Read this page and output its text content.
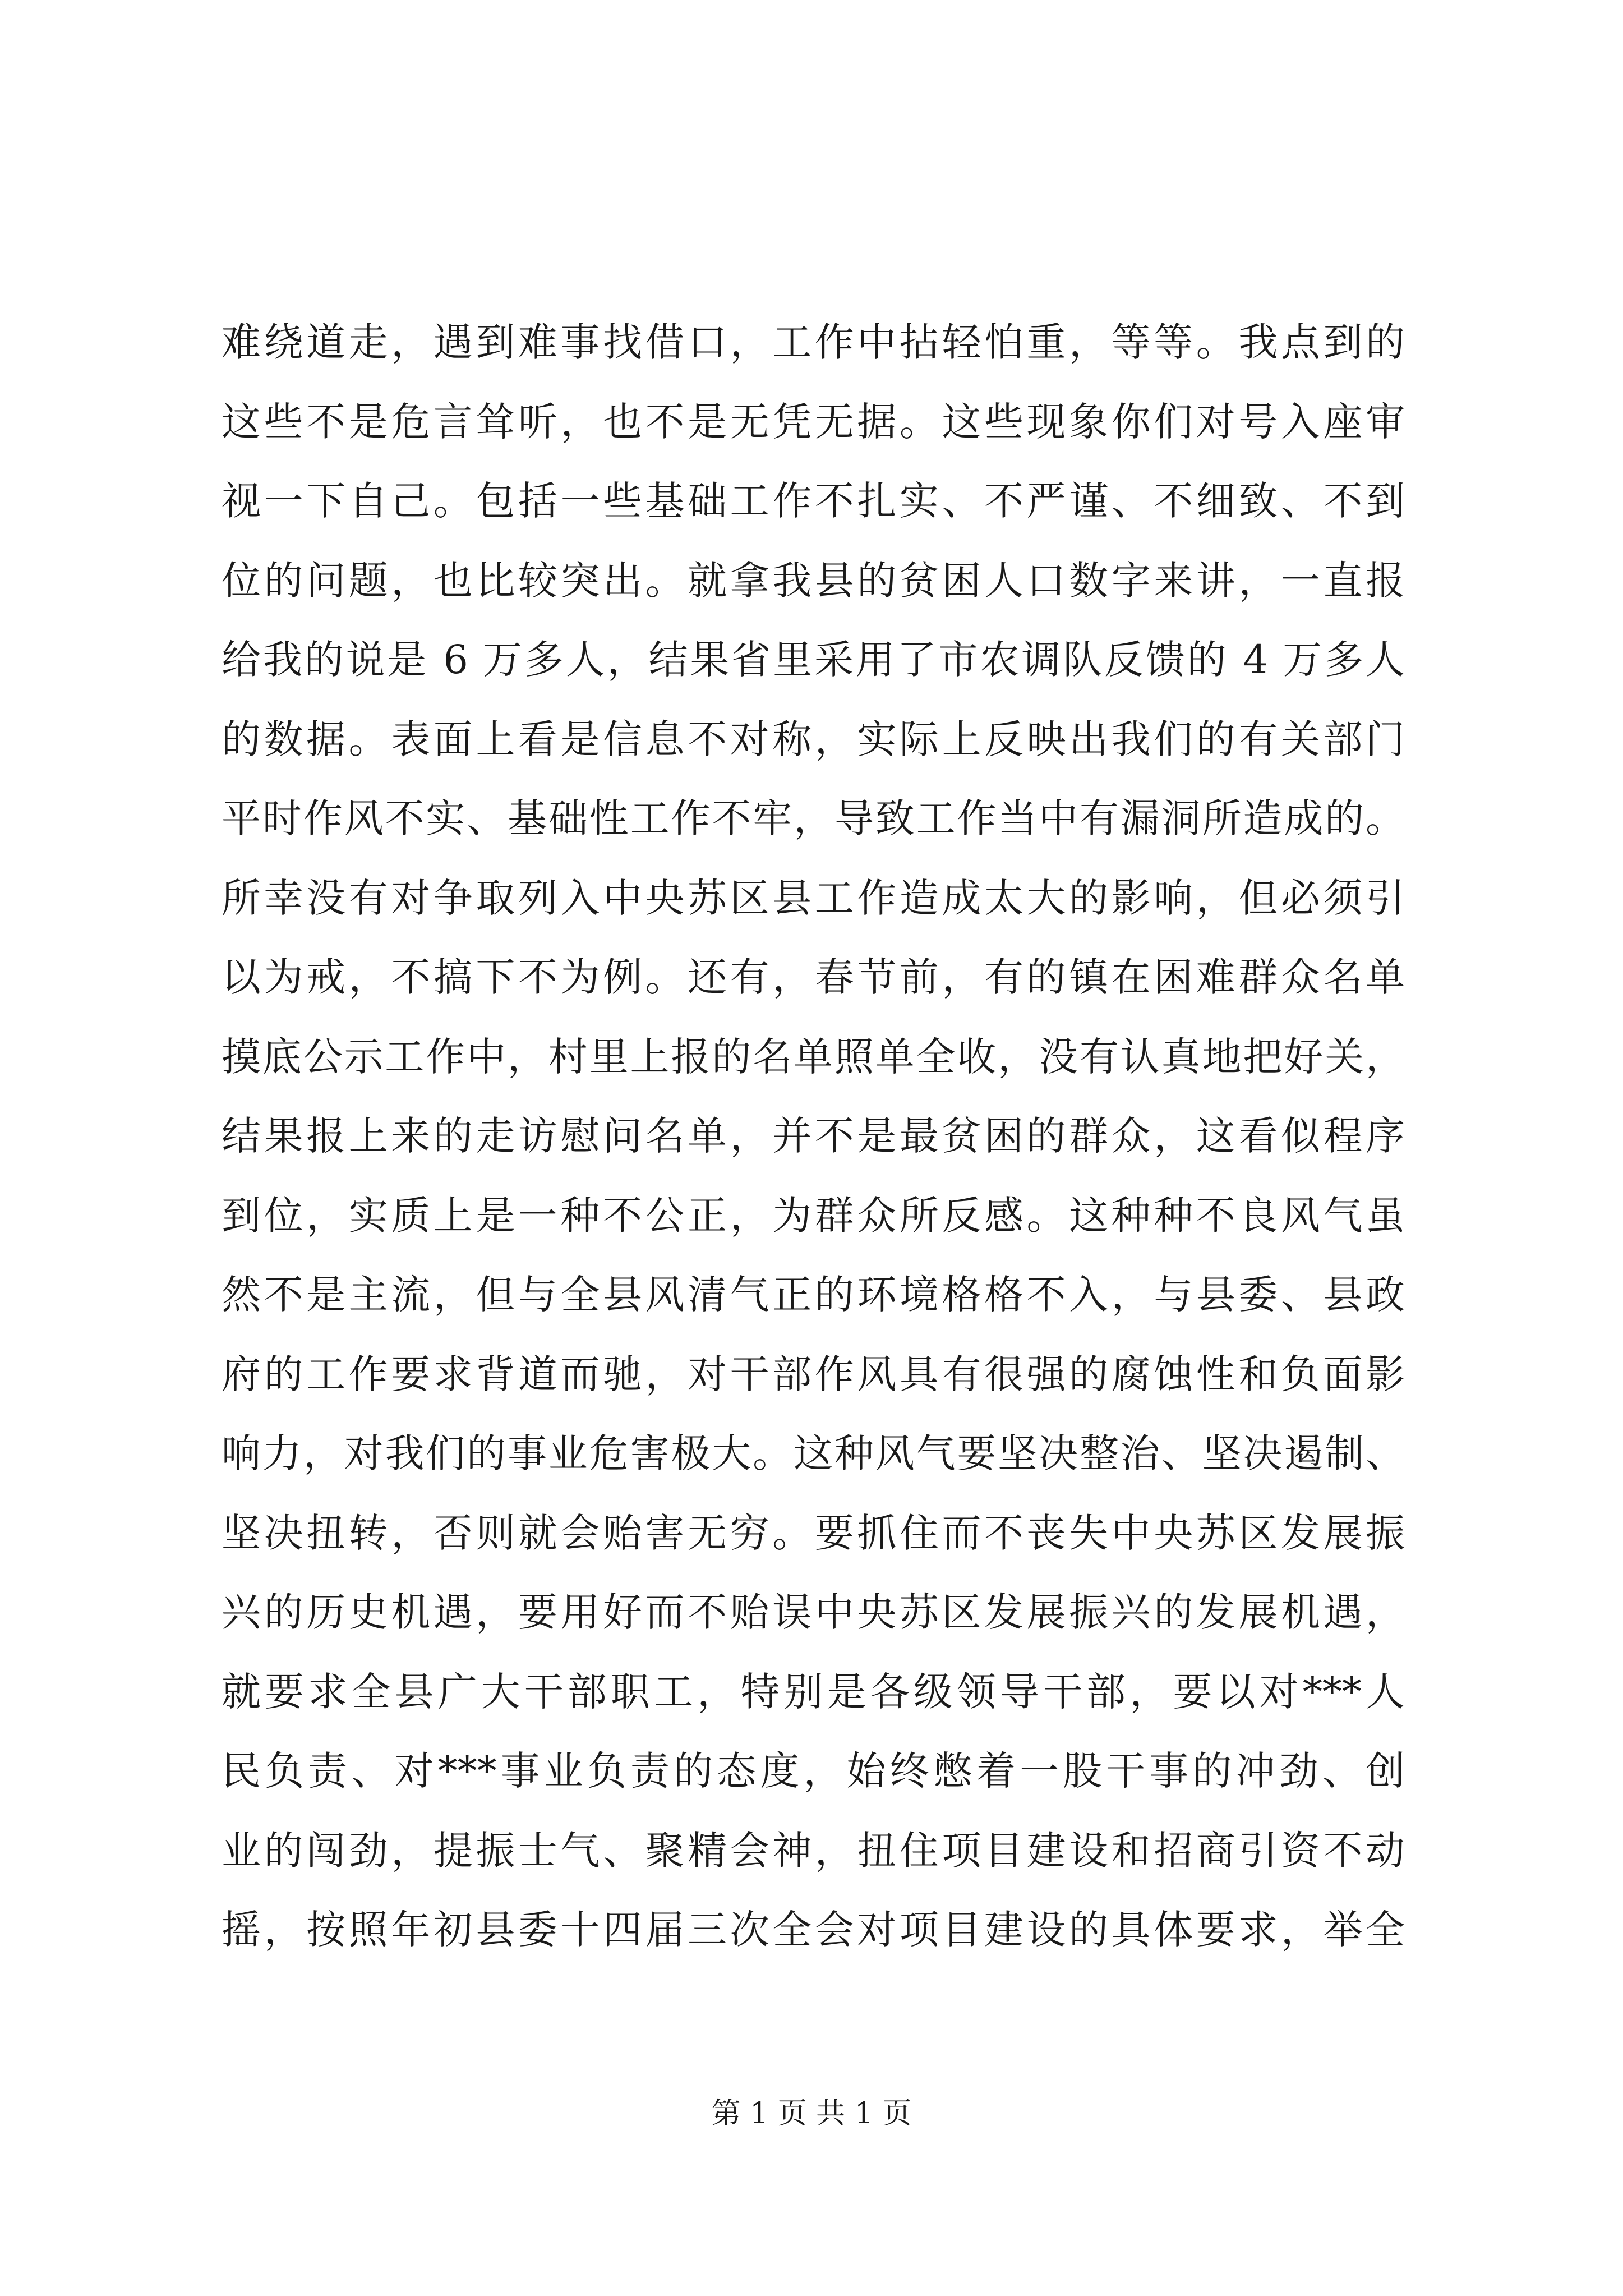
难绕道走，遇到难事找借口，工作中拈轻怕重，等等。我点到的
这些不是危言耸听，也不是无凭无据。这些现象你们对号入座审
视一下自己。包括一些基础工作不扎实、不严谨、不细致、不到
位的问题，也比较突出。就拿我县的贫困人口数字来讲，一直报
给我的说是 6 万多人，结果省里采用了市农调队反馈的 4 万多人
的数据。表面上看是信息不对称，实际上反映出我们的有关部门
平时作风不实、基础性工作不牢，导致工作当中有漏洞所造成的。
所幸没有对争取列入中央苏区县工作造成太大的影响，但必须引
以为戒，不搞下不为例。还有，春节前，有的镇在困难群众名单
摸底公示工作中，村里上报的名单照单全收，没有认真地把好关，
结果报上来的走访慰问名单，并不是最贫困的群众，这看似程序
到位，实质上是一种不公正，为群众所反感。这种种不良风气虽
然不是主流，但与全县风清气正的环境格格不入，与县委、县政
府的工作要求背道而驰，对干部作风具有很强的腐蚀性和负面影
响力，对我们的事业危害极大。这种风气要坚决整治、坚决遏制、
坚决扭转，否则就会贻害无穷。要抓住而不丧失中央苏区发展振
兴的历史机遇，要用好而不贻误中央苏区发展振兴的发展机遇，
就要求全县广大干部职工，特别是各级领导干部，要以对***人
民负责、对***事业负责的态度，始终憋着一股干事的冲劲、创
业的闯劲，提振士气、聚精会神，扭住项目建设和招商引资不动
摇，按照年初县委十四届三次全会对项目建设的具体要求，举全
第 1 页 共 1 页
